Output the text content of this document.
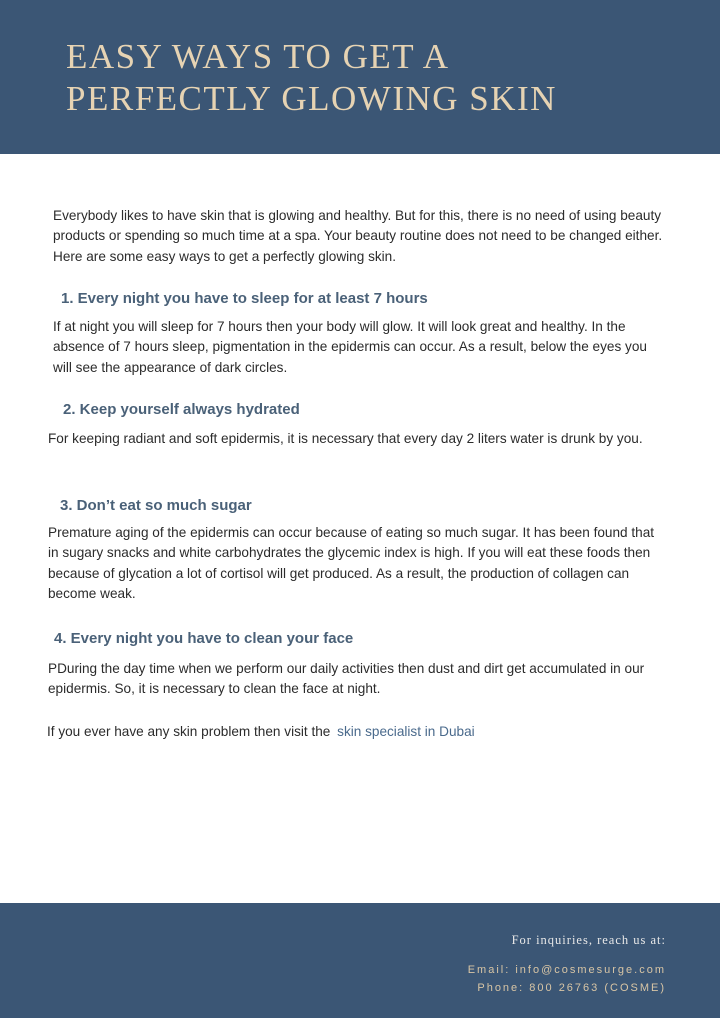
EASY WAYS TO GET A
PERFECTLY GLOWING SKIN

Everybody likes to have skin that is glowing and healthy. But for this, there is no need of using beauty products or spending so much time at a spa. Your beauty routine does not need to be changed either. Here are some easy ways to get a perfectly glowing skin.

1. Every night you have to sleep for at least 7 hours

If at night you will sleep for 7 hours then your body will glow. It will look great and healthy. In the absence of 7 hours sleep, pigmentation in the epidermis can occur. As a result, below the eyes you will see the appearance of dark circles.

2. Keep yourself always hydrated

For keeping radiant and soft epidermis, it is necessary that every day 2 liters water is drunk by you.

3. Don’t eat so much sugar

Premature aging of the epidermis can occur because of eating so much sugar. It has been found that in sugary snacks and white carbohydrates the glycemic index is high. If you will eat these foods then because of glycation a lot of cortisol will get produced. As a result, the production of collagen can become weak.

4. Every night you have to clean your face

PDuring the day time when we perform our daily activities then dust and dirt get accumulated in our epidermis. So, it is necessary to clean the face at night.

If you ever have any skin problem then visit the skin specialist in Dubai

For inquiries, reach us at:

Email: info@cosmesurge.com

Phone: 800 26763 (COSME)
